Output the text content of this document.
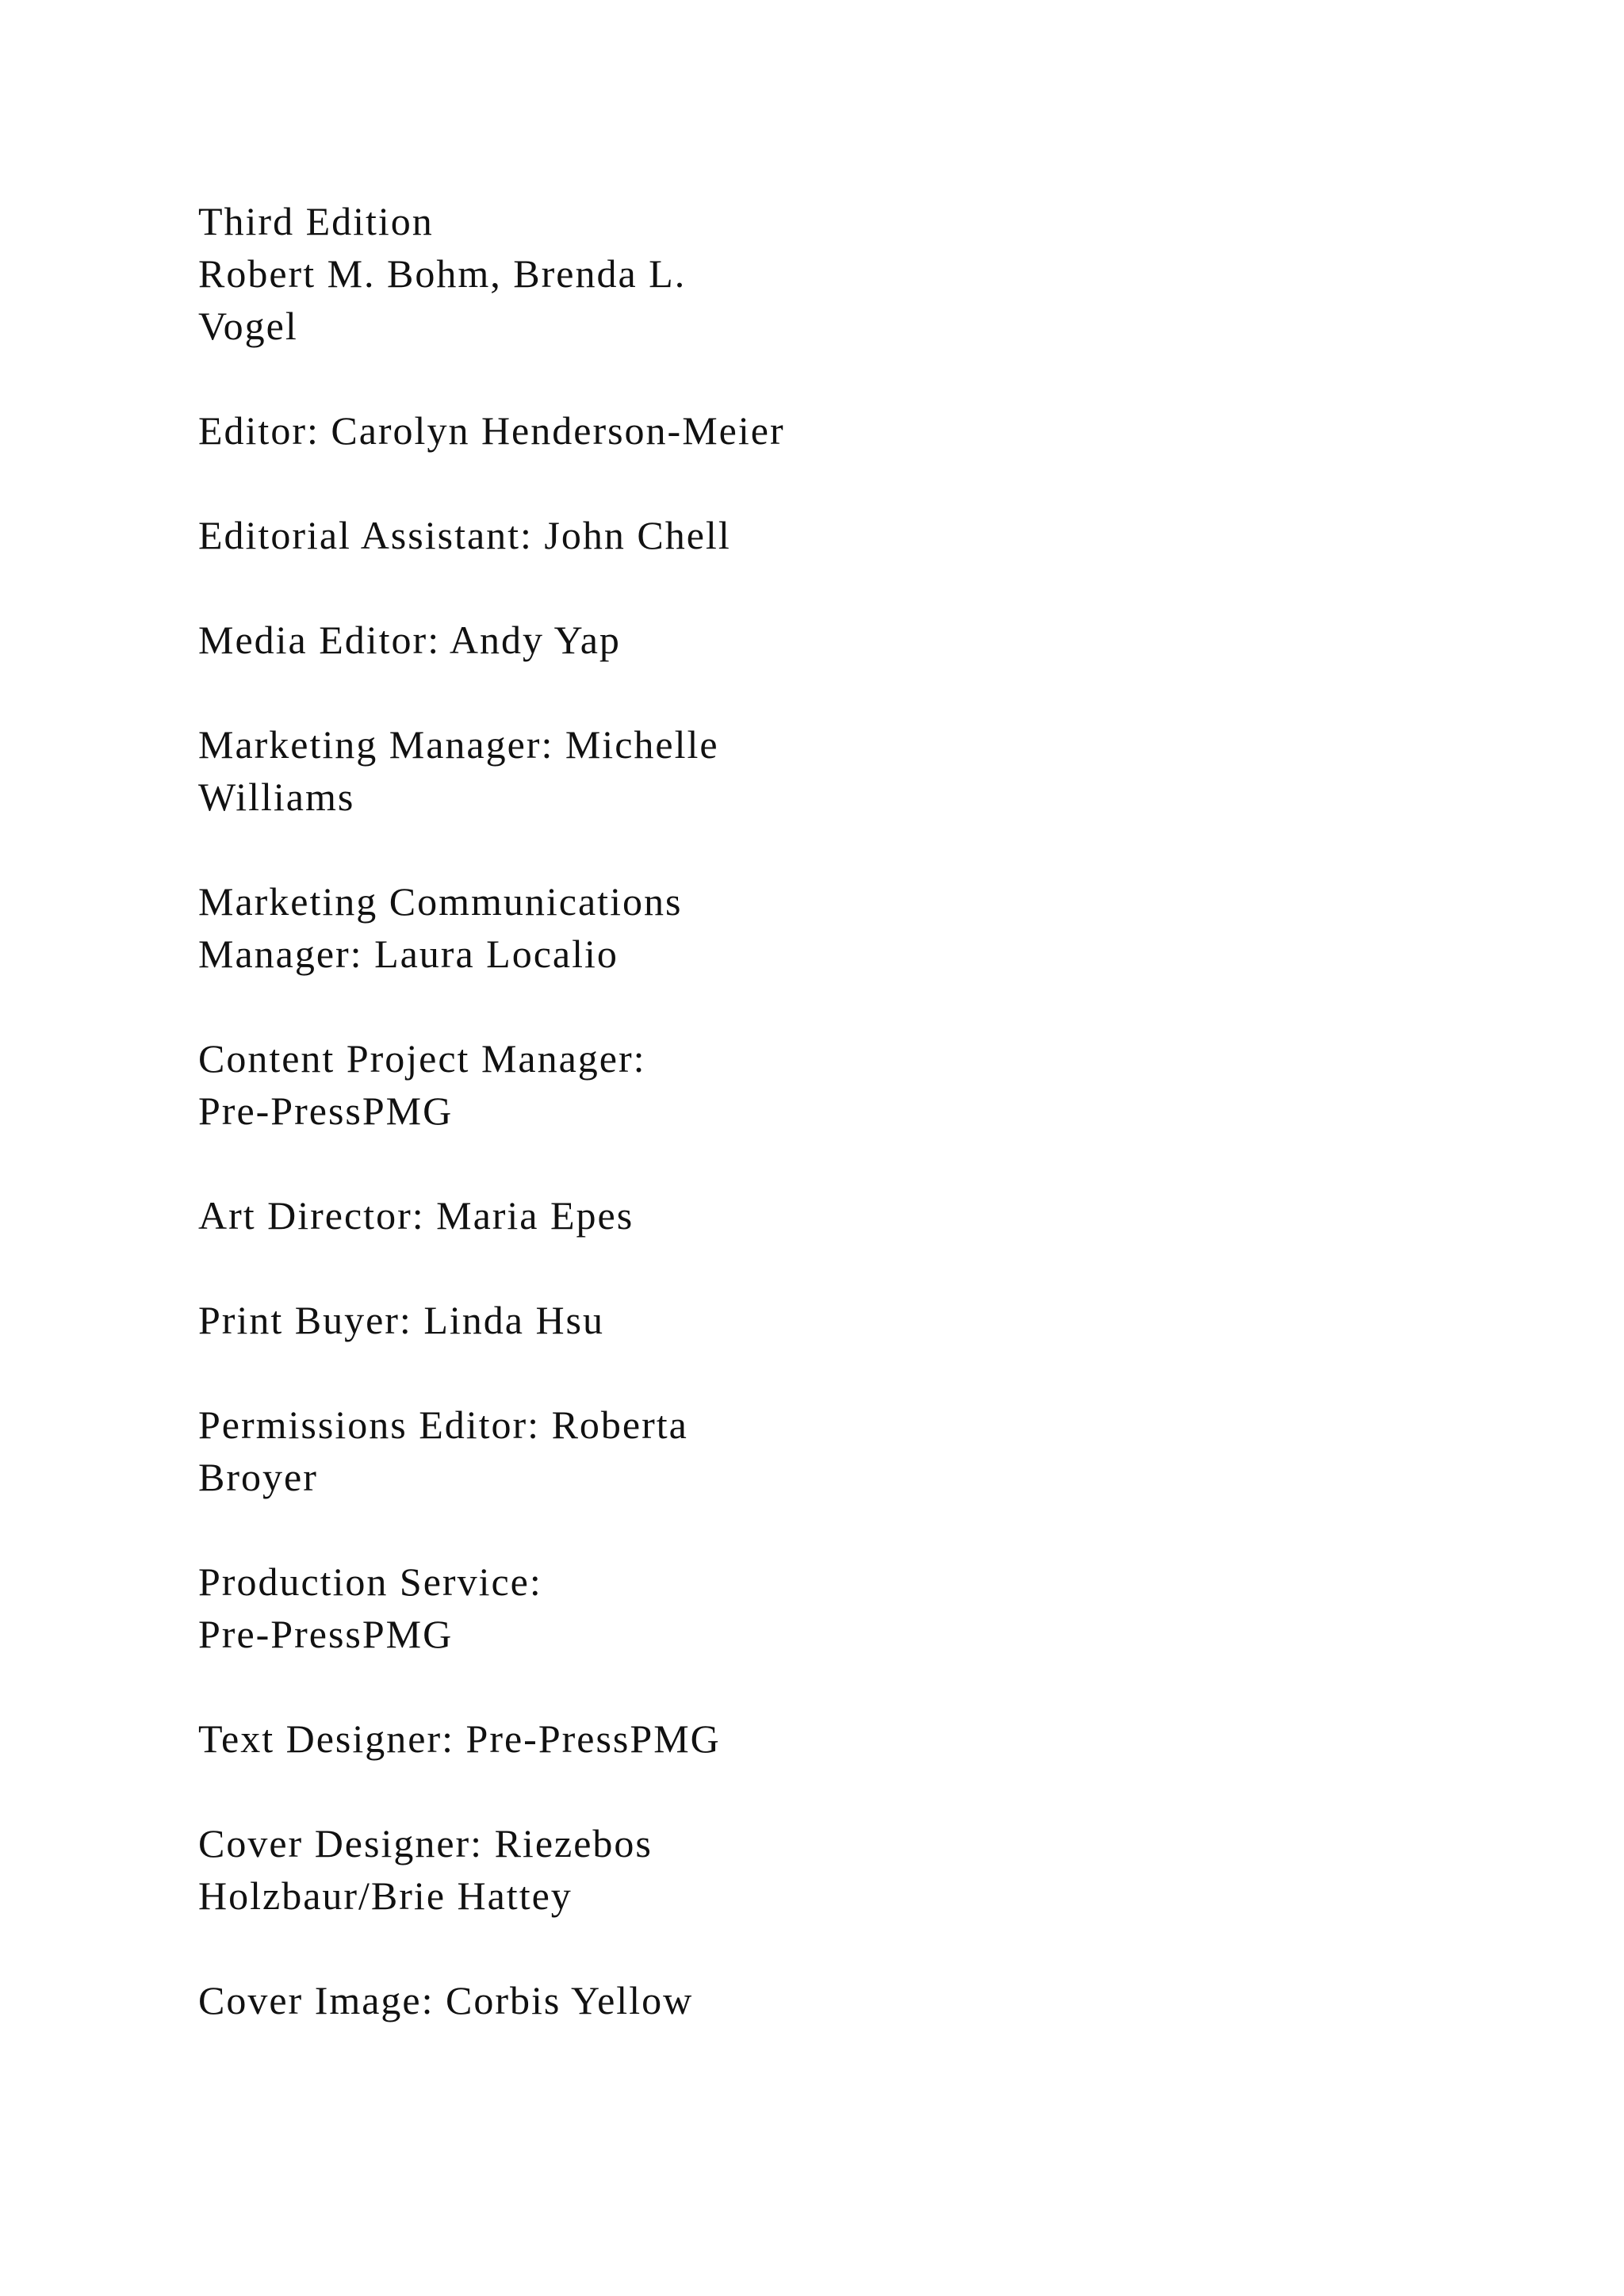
Third Edition
Robert M. Bohm, Brenda L.
Vogel

Editor: Carolyn Henderson-Meier

Editorial Assistant: John Chell

Media Editor: Andy Yap

Marketing Manager: Michelle
Williams

Marketing Communications
Manager: Laura Localio

Content Project Manager:
Pre-PressPMG

Art Director: Maria Epes

Print Buyer: Linda Hsu

Permissions Editor: Roberta
Broyer

Production Service:
Pre-PressPMG

Text Designer: Pre-PressPMG

Cover Designer: Riezebos
Holzbaur/Brie Hattey

Cover Image: Corbis Yellow
